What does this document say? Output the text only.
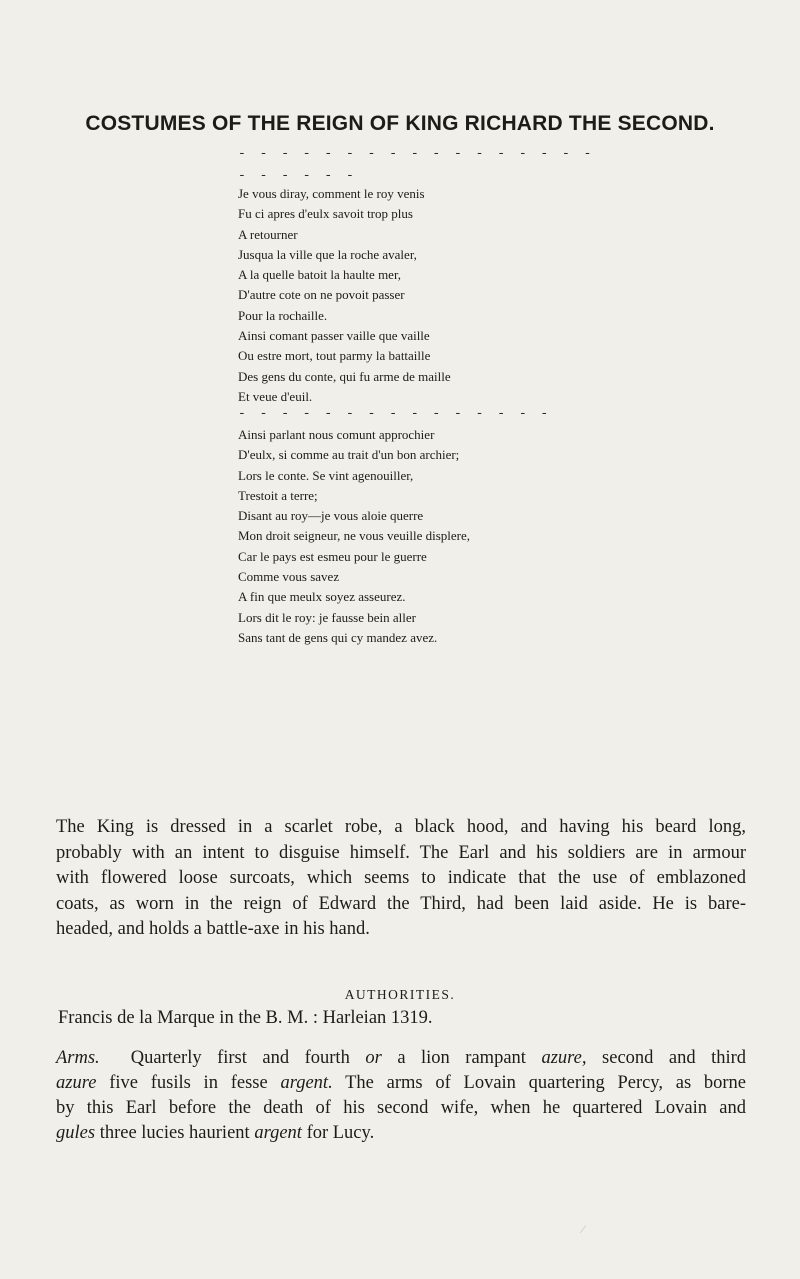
COSTUMES OF THE REIGN OF KING RICHARD THE SECOND.
- - - - - - - - - - - - - - - - -
- - - - - -
Je vous diray, comment le roy venis
Fu ci apres d'eulx savoit trop plus
A retourner
Jusqua la ville que la roche avaler,
A la quelle batoit la haulte mer,
D'autre cote on ne povoit passer
Pour la rochaille.
Ainsi comant passer vaille que vaille
Ou estre mort, tout parmy la battaille
Des gens du conte, qui fu arme de maille
Et veue d'euil.
- - - - - - - - - - - - - - -
Ainsi parlant nous comunt approchier
D'eulx, si comme au trait d'un bon archier;
Lors le conte. Se vint agenouiller,
Trestoit a terre;
Disant au roy—je vous aloie querre
Mon droit seigneur, ne vous veuille displere,
Car le pays est esmeu pour le guerre
Comme vous savez
A fin que meulx soyez asseurez.
Lors dit le roy: je fausse bein aller
Sans tant de gens qui cy mandez avez.
The King is dressed in a scarlet robe, a black hood, and having his beard long,
probably with an intent to disguise himself. The Earl and his soldiers are in armour
with flowered loose surcoats, which seems to indicate that the use of emblazoned
coats, as worn in the reign of Edward the Third, had been laid aside. He is bare-
headed, and holds a battle-axe in his hand.
AUTHORITIES.
Francis de la Marque in the B. M. : Harleian 1319.
Arms. Quarterly first and fourth or a lion rampant azure, second and third
azure five fusils in fesse argent. The arms of Lovain quartering Percy, as borne
by this Earl before the death of his second wife, when he quartered Lovain and
gules three lucies haurient argent for Lucy.
⁄
